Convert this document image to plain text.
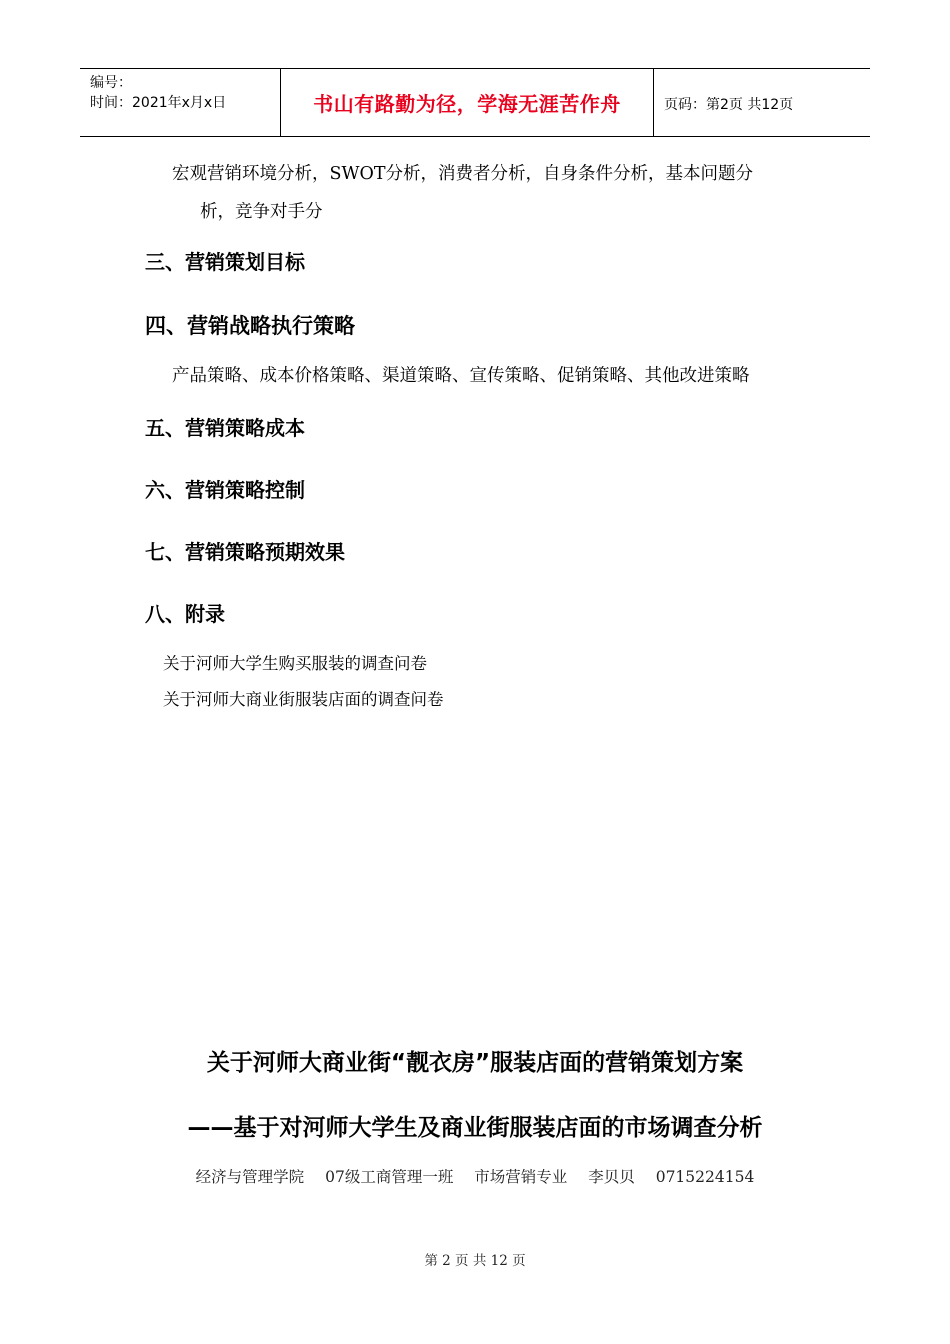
编号：
时间：2021年x月x日	书山有路勤为径，学海无涯苦作舟	页码：第2页 共12页
宏观营销环境分析，SWOT分析，消费者分析，自身条件分析，基本问题分
析，竞争对手分
三、营销策划目标
四、营销战略执行策略
产品策略、成本价格策略、渠道策略、宣传策略、促销策略、其他改进策略
五、营销策略成本
六、营销策略控制
七、营销策略预期效果
八、附录
关于河师大学生购买服装的调查问卷
关于河师大商业街服装店面的调查问卷
关于河师大商业街“靓衣房”服装店面的营销策划方案
——基于对河师大学生及商业街服装店面的市场调查分析
经济与管理学院 07级工商管理一班 市场营销专业 李贝贝 0715224154
第 2 页 共 12 页
